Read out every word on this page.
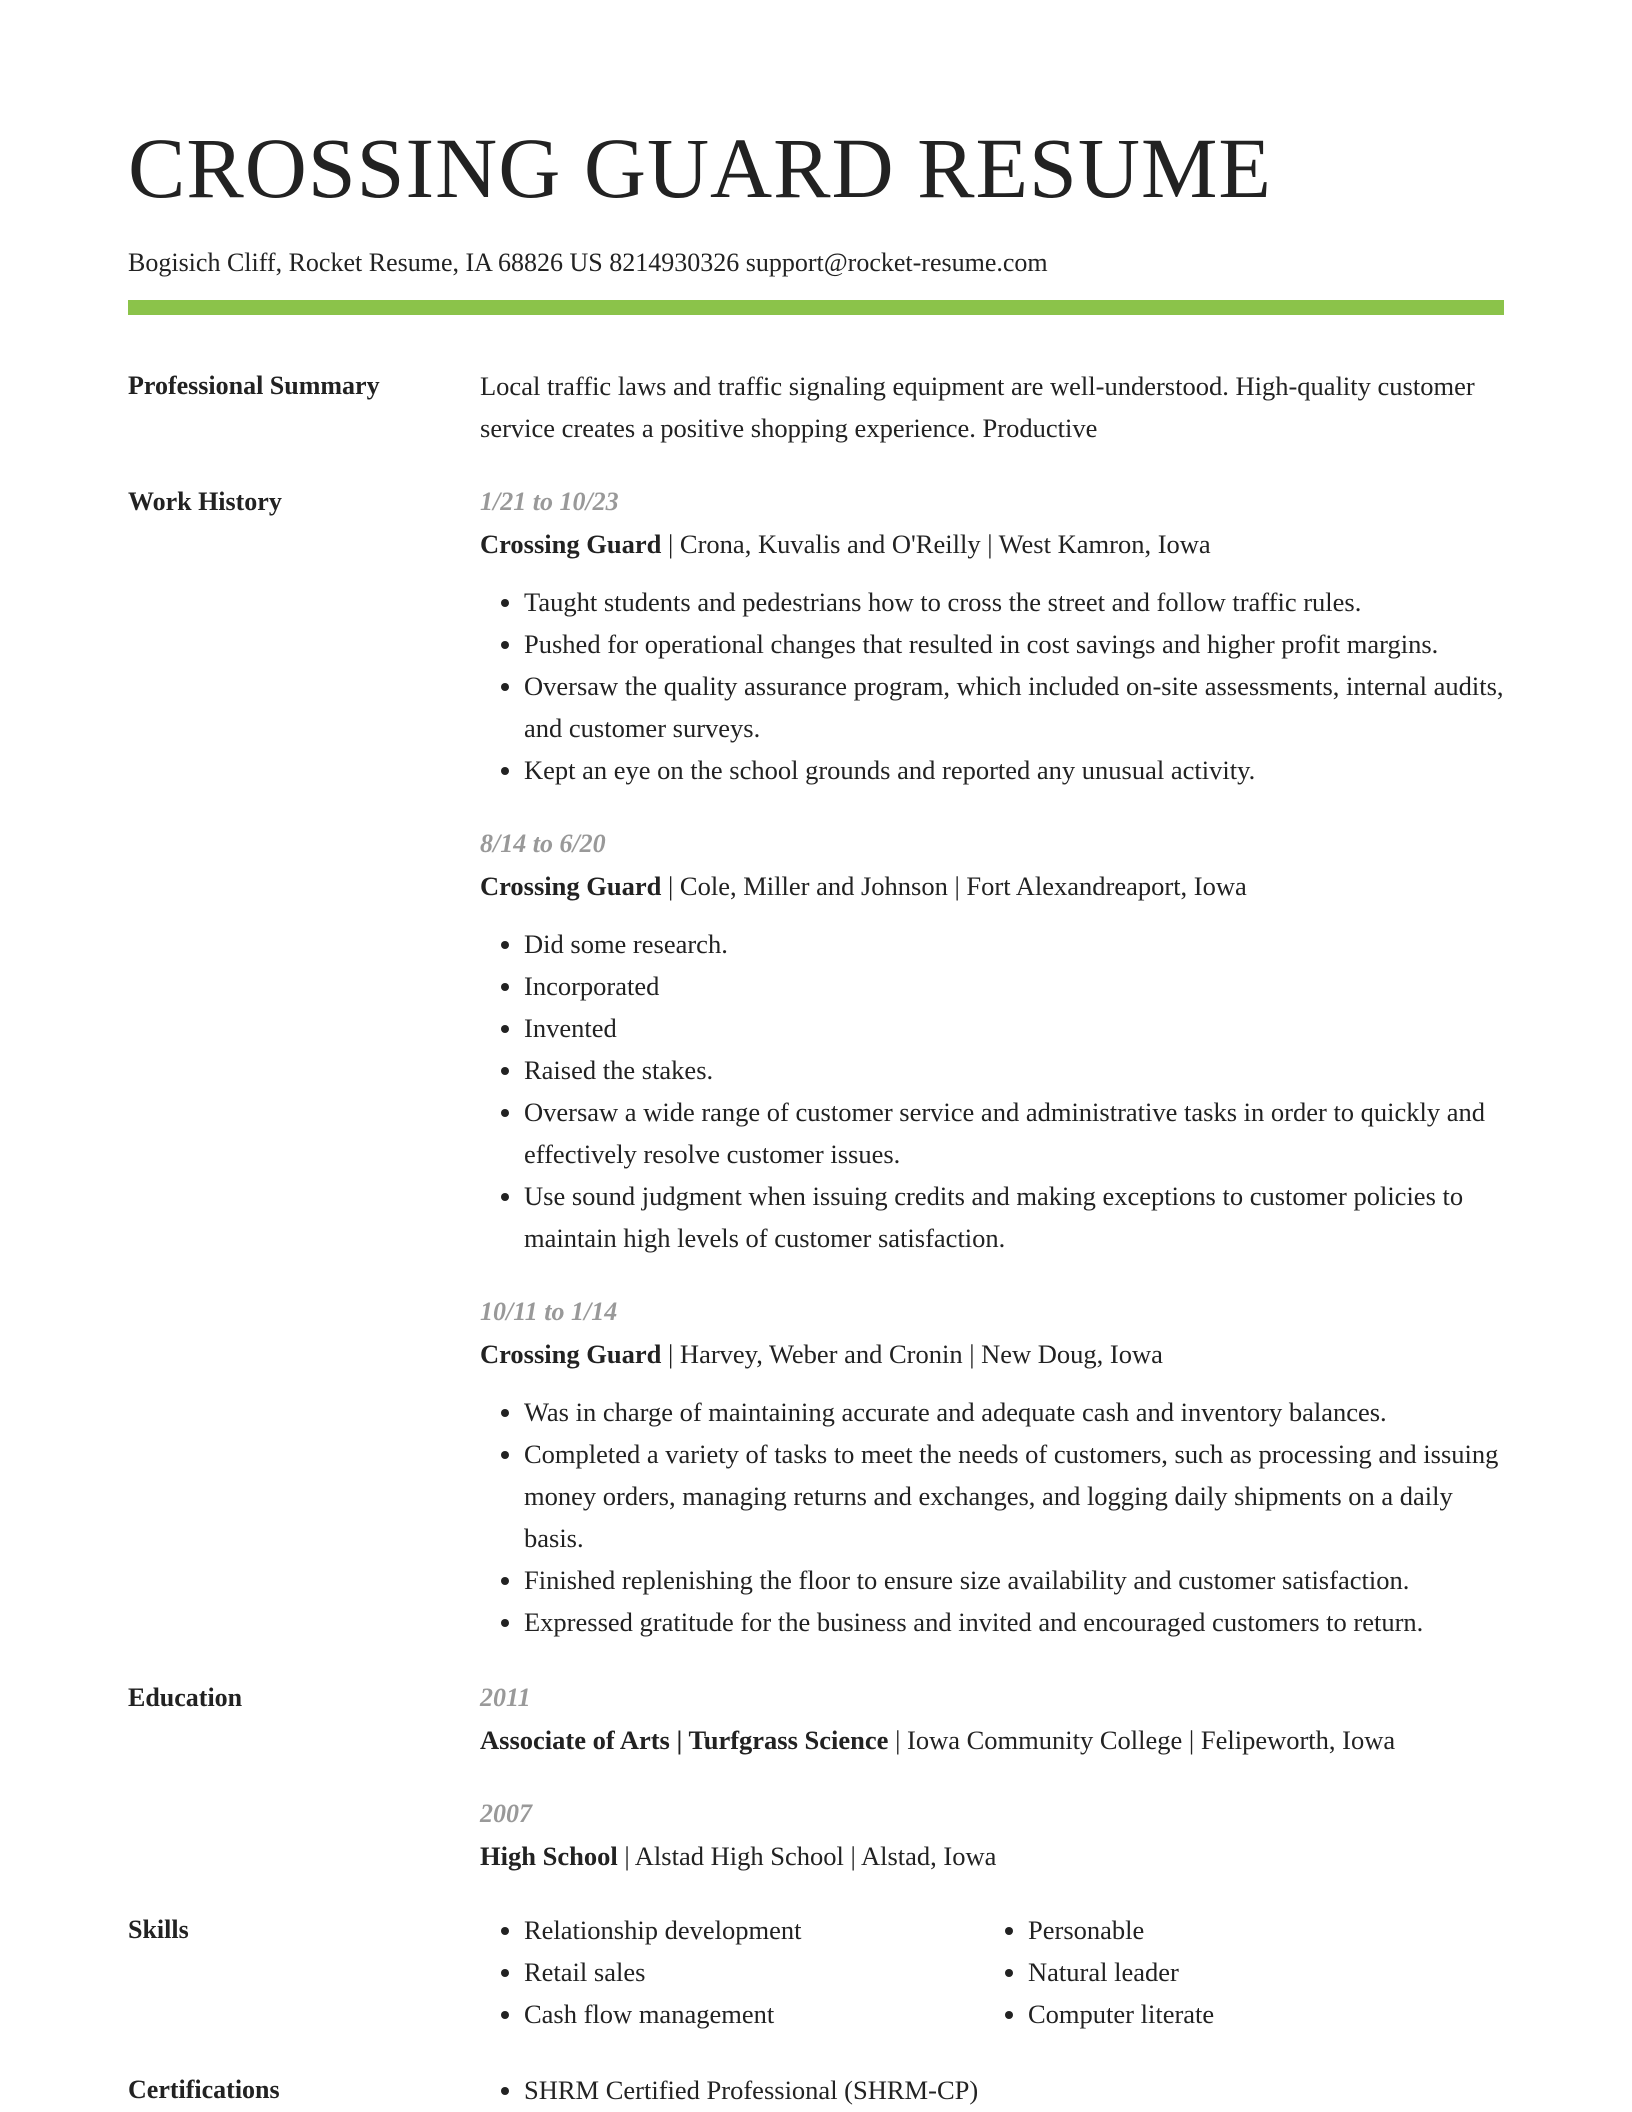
CROSSING GUARD RESUME
Bogisich Cliff, Rocket Resume, IA 68826 US 8214930326 support@rocket-resume.com
Professional Summary	Local traffic laws and traffic signaling equipment are well-understood. High-quality customer service creates a positive shopping experience. Productive
Work History	1/21 to 10/23
Crossing Guard | Crona, Kuvalis and O'Reilly | West Kamron, Iowa
• Taught students and pedestrians how to cross the street and follow traffic rules.
• Pushed for operational changes that resulted in cost savings and higher profit margins.
• Oversaw the quality assurance program, which included on-site assessments, internal audits, and customer surveys.
• Kept an eye on the school grounds and reported any unusual activity.
8/14 to 6/20
Crossing Guard | Cole, Miller and Johnson | Fort Alexandreaport, Iowa
• Did some research.
• Incorporated
• Invented
• Raised the stakes.
• Oversaw a wide range of customer service and administrative tasks in order to quickly and effectively resolve customer issues.
• Use sound judgment when issuing credits and making exceptions to customer policies to maintain high levels of customer satisfaction.
10/11 to 1/14
Crossing Guard | Harvey, Weber and Cronin | New Doug, Iowa
• Was in charge of maintaining accurate and adequate cash and inventory balances.
• Completed a variety of tasks to meet the needs of customers, such as processing and issuing money orders, managing returns and exchanges, and logging daily shipments on a daily basis.
• Finished replenishing the floor to ensure size availability and customer satisfaction.
• Expressed gratitude for the business and invited and encouraged customers to return.
Education	2011
Associate of Arts | Turfgrass Science | Iowa Community College | Felipeworth, Iowa
2007
High School | Alstad High School | Alstad, Iowa
Skills	• Relationship development
• Retail sales
• Cash flow management
• Personable
• Natural leader
• Computer literate
Certifications	• SHRM Certified Professional (SHRM-CP)
